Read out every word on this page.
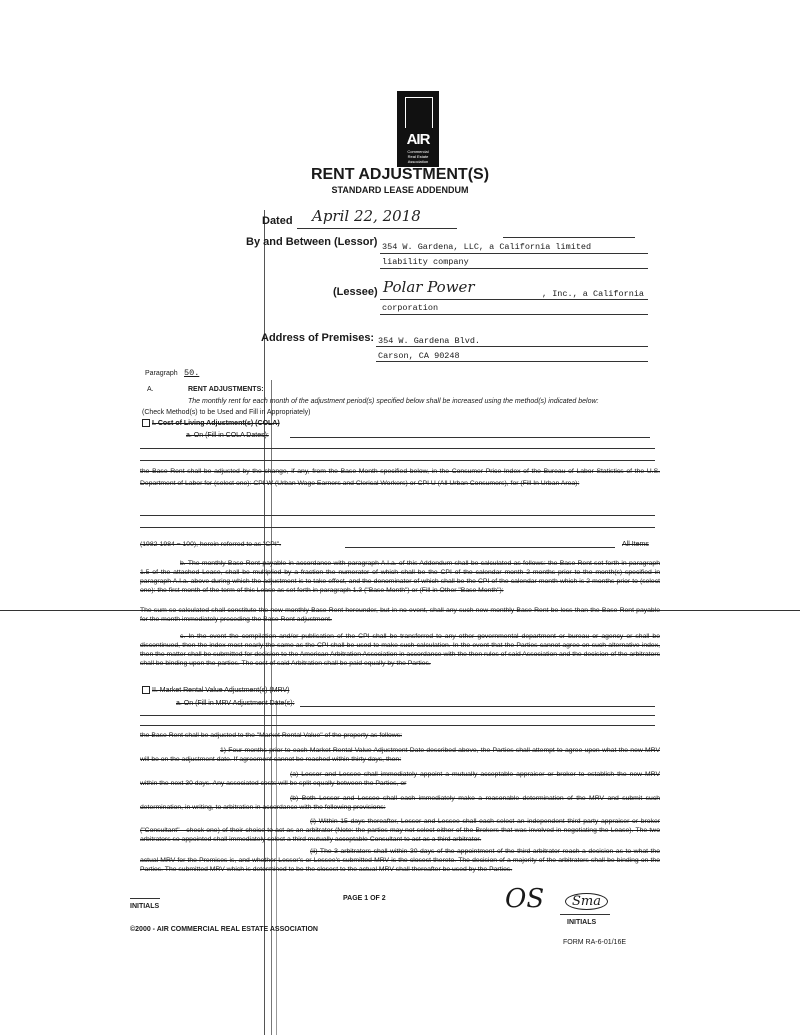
AIR
Commercial
Real Estate
Association
RENT ADJUSTMENT(S)
STANDARD LEASE ADDENDUM
Dated April 22, 2018
By and Between (Lessor) 354 W. Gardena, LLC, a California limited
liability company
(Lessee) Polar Power	, Inc., a California
corporation
Address of Premises: 354 W. Gardena Blvd.
Carson, CA 90248
Paragraph 50.
A.	RENT ADJUSTMENTS:
The monthly rent for each month of the adjustment period(s) specified below shall be increased using the method(s) indicated below:
(Check Method(s) to be Used and Fill in Appropriately)
I. Cost of Living Adjustment(s) (COLA)
a. On (Fill in COLA Dates):
the Base Rent shall be adjusted by the change, if any, from the Base Month specified below, in the Consumer Price Index of the Bureau of Labor Statistics of the U.S. Department of Labor for (select one): CPI W (Urban Wage Earners and Clerical Workers) or CPI U (All Urban Consumers), for (Fill In Urban Area):
(1982-1984 = 100), herein referred to as "CPI".	All Items
b. The monthly Base Rent payable in accordance with paragraph A.I.a. of this Addendum shall be calculated as follows: the Base Rent set forth in paragraph 1.5 of the attached Lease, shall be multiplied by a fraction the numerator of which shall be the CPI of the calendar month 2 months prior to the month(s) specified in paragraph A.I.a. above during which the adjustment is to take effect, and the denominator of which shall be the CPI of the calendar month which is 2 months prior to (select one): the first month of the term of this Lease as set forth in paragraph 1.3 ("Base Month") or (Fill in Other "Base Month"):
The sum so calculated shall constitute the new monthly Base Rent hereunder, but in no event, shall any such new monthly Base Rent be less than the Base Rent payable for the month immediately preceding the Base Rent adjustment.
c. In the event the compilation and/or publication of the CPI shall be transferred to any other governmental department or bureau or agency or shall be discontinued, then the index most nearly the same as the CPI shall be used to make such calculation. In the event that the Parties cannot agree on such alternative index, then the matter shall be submitted for decision to the American Arbitration Association in accordance with the then rules of said Association and the decision of the arbitrators shall be binding upon the parties. The cost of said Arbitration shall be paid equally by the Parties.
II. Market Rental Value Adjustment(s) (MRV)
a. On (Fill in MRV Adjustment Date(s):
the Base Rent shall be adjusted to the "Market Rental Value" of the property as follows:
1) Four months prior to each Market Rental Value Adjustment Date described above, the Parties shall attempt to agree upon what the new MRV will be on the adjustment date. If agreement cannot be reached within thirty days, then:
(a) Lessor and Lessee shall immediately appoint a mutually acceptable appraiser or broker to establish the new MRV within the next 30 days. Any associated costs will be split equally between the Parties, or
(b) Both Lessor and Lessee shall each immediately make a reasonable determination of the MRV and submit such determination, in writing, to arbitration in accordance with the following provisions:
(i) Within 15 days thereafter, Lessor and Lessee shall each select an independent third party appraiser or broker ("Consultant" - check one) of their choice to act as an arbitrator (Note: the parties may not select either of the Brokers that was involved in negotiating the Lease). The two arbitrators so appointed shall immediately select a third mutually acceptable Consultant to act as a third arbitrator.
(ii) The 3 arbitrators shall within 30 days of the appointment of the third arbitrator reach a decision as to what the actual MRV for the Premises is, and whether Lessor's or Lessee's submitted MRV is the closest thereto. The decision of a majority of the arbitrators shall be binding on the Parties. The submitted MRV which is determined to be the closest to the actual MRV shall thereafter be used by the Parties.
INITIALS
PAGE 1 OF 2	OS	Sma
INITIALS
©2000 - AIR COMMERCIAL REAL ESTATE ASSOCIATION
FORM RA-6-01/16E
